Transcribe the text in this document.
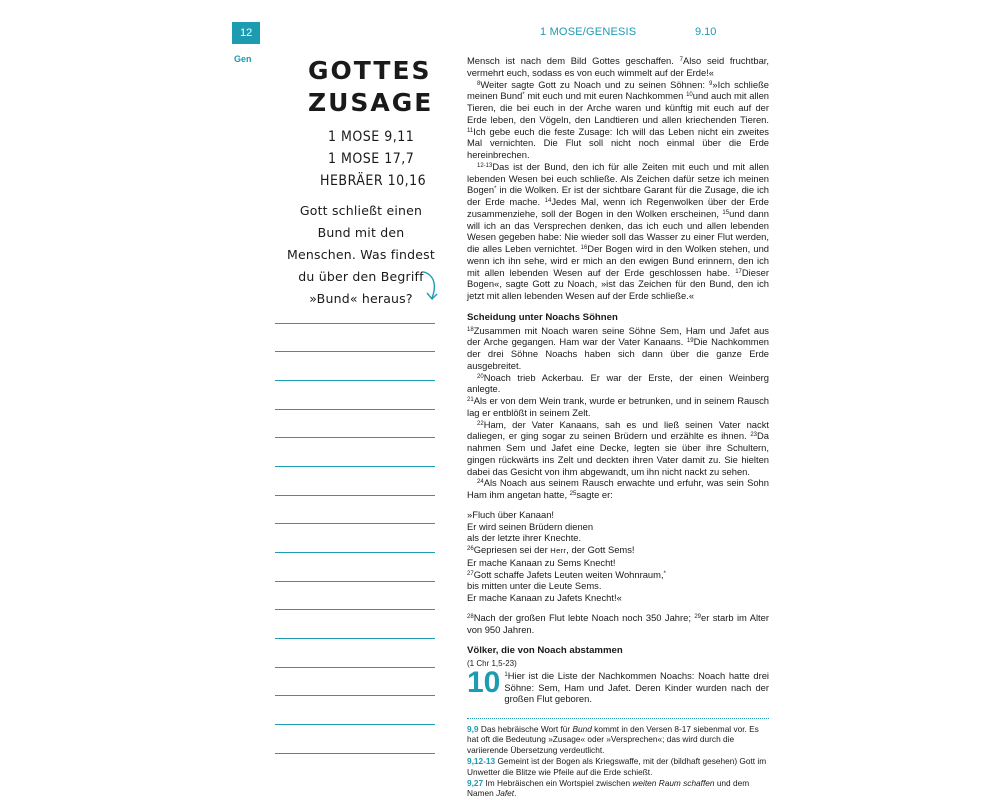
12
Gen
1 MOSE/GENESIS	9.10
GOTTES
ZUSAGE
1 MOSE 9,11
1 MOSE 17,7
HEBRÄER 10,16
Gott schließt einen Bund mit den Menschen. Was findest du über den Begriff »Bund« heraus?

Mensch ist nach dem Bild Gottes geschaffen. $^7$Also seid fruchtbar, vermehrt euch, sodass es von euch wimmelt auf der Erde!«

$^8$Weiter sagte Gott zu Noach und zu seinen Söhnen: $^9$»Ich schließe meinen Bund* mit euch und mit euren Nachkommen $^{10}$und auch mit allen Tieren, die bei euch in der Arche waren und künftig mit euch auf der Erde leben, den Vögeln, den Landtieren und allen kriechenden Tieren. $^{11}$Ich gebe euch die feste Zusage: Ich will das Leben nicht ein zweites Mal vernichten. Die Flut soll nicht noch einmal über die Erde hereinbrechen.

$^{12-13}$Das ist der Bund, den ich für alle Zeiten mit euch und mit allen lebenden Wesen bei euch schließe. Als Zeichen dafür setze ich meinen Bogen* in die Wolken. Er ist der sichtbare Garant für die Zusage, die ich der Erde mache. $^{14}$Jedes Mal, wenn ich Regenwolken über der Erde zusammenziehe, soll der Bogen in den Wolken erscheinen, $^{15}$und dann will ich an das Versprechen denken, das ich euch und allen lebenden Wesen gegeben habe: Nie wieder soll das Wasser zu einer Flut werden, die alles Leben vernichtet. $^{16}$Der Bogen wird in den Wolken stehen, und wenn ich ihn sehe, wird er mich an den ewigen Bund erinnern, den ich mit allen lebenden Wesen auf der Erde geschlossen habe. $^{17}$Dieser Bogen«, sagte Gott zu Noach, »ist das Zeichen für den Bund, den ich jetzt mit allen lebenden Wesen auf der Erde schließe.«

Scheidung unter Noachs Söhnen

$^{18}$Zusammen mit Noach waren seine Söhne Sem, Ham und Jafet aus der Arche gegangen. Ham war der Vater Kanaans. $^{19}$Die Nachkommen der drei Söhne Noachs haben sich dann über die ganze Erde ausgebreitet.

$^{20}$Noach trieb Ackerbau. Er war der Erste, der einen Weinberg anlegte.

$^{21}$Als er von dem Wein trank, wurde er betrunken, und in seinem Rausch lag er entblößt in seinem Zelt.

$^{22}$Ham, der Vater Kanaans, sah es und ließ seinen Vater nackt daliegen, er ging sogar zu seinen Brüdern und erzählte es ihnen. $^{23}$Da nahmen Sem und Jafet eine Decke, legten sie über ihre Schultern, gingen rückwärts ins Zelt und deckten ihren Vater damit zu. Sie hielten dabei das Gesicht von ihm abgewandt, um ihn nicht nackt zu sehen.

$^{24}$Als Noach aus seinem Rausch erwachte und erfuhr, was sein Sohn Ham ihm angetan hatte, $^{25}$sagte er:

»Fluch über Kanaan!
Er wird seinen Brüdern dienen
als der letzte ihrer Knechte.
$^{26}$Gepriesen sei der Herr, der Gott Sems!
Er mache Kanaan zu Sems Knecht!
$^{27}$Gott schaffe Jafets Leuten weiten Wohnraum,*
bis mitten unter die Leute Sems.
Er mache Kanaan zu Jafets Knecht!«

$^{28}$Nach der großen Flut lebte Noach noch 350 Jahre; $^{29}$er starb im Alter von 950 Jahren.

Völker, die von Noach abstammen
(1 Chr 1,5-23)

10 $^1$Hier ist die Liste der Nachkommen Noachs: Noach hatte drei Söhne: Sem, Ham und Jafet. Deren Kinder wurden nach der großen Flut geboren.

9,9 Das hebräische Wort für Bund kommt in den Versen 8-17 siebenmal vor. Es hat oft die Bedeutung »Zusage« oder »Versprechen«; das wird durch die variierende Übersetzung verdeutlicht.

9,12-13 Gemeint ist der Bogen als Kriegswaffe, mit der (bildhaft gesehen) Gott im Unwetter die Blitze wie Pfeile auf die Erde schießt.

9,27 Im Hebräischen ein Wortspiel zwischen weiten Raum schaffen und dem Namen Jafet.
